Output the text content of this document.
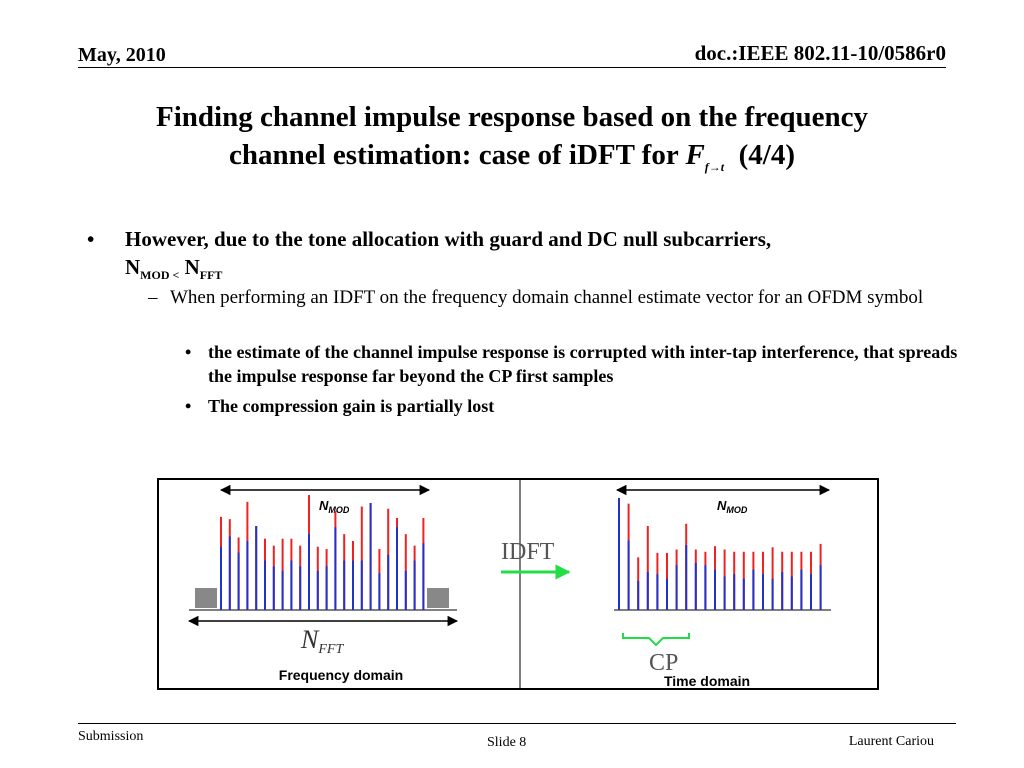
May, 2010	doc.:IEEE 802.11-10/0586r0
Finding channel impulse response based on the frequency
channel estimation: case of iDFT for $F_{f\to t}$ (4/4)
•	However, due to the tone allocation with guard and DC null subcarriers,
$N_{MOD <}$ $N_{FFT}$
– When performing an IDFT on the frequency domain channel estimate vector for an OFDM symbol
• the estimate of the channel impulse response is corrupted with inter-tap interference, that spreads the impulse response far beyond the CP first samples
• The compression gain is partially lost
$N_{MOD}$
NFFT
Frequency domain
IDFT
$N_{MOD}$
CP
Time domain
Submission	Slide 8	Laurent Cariou
